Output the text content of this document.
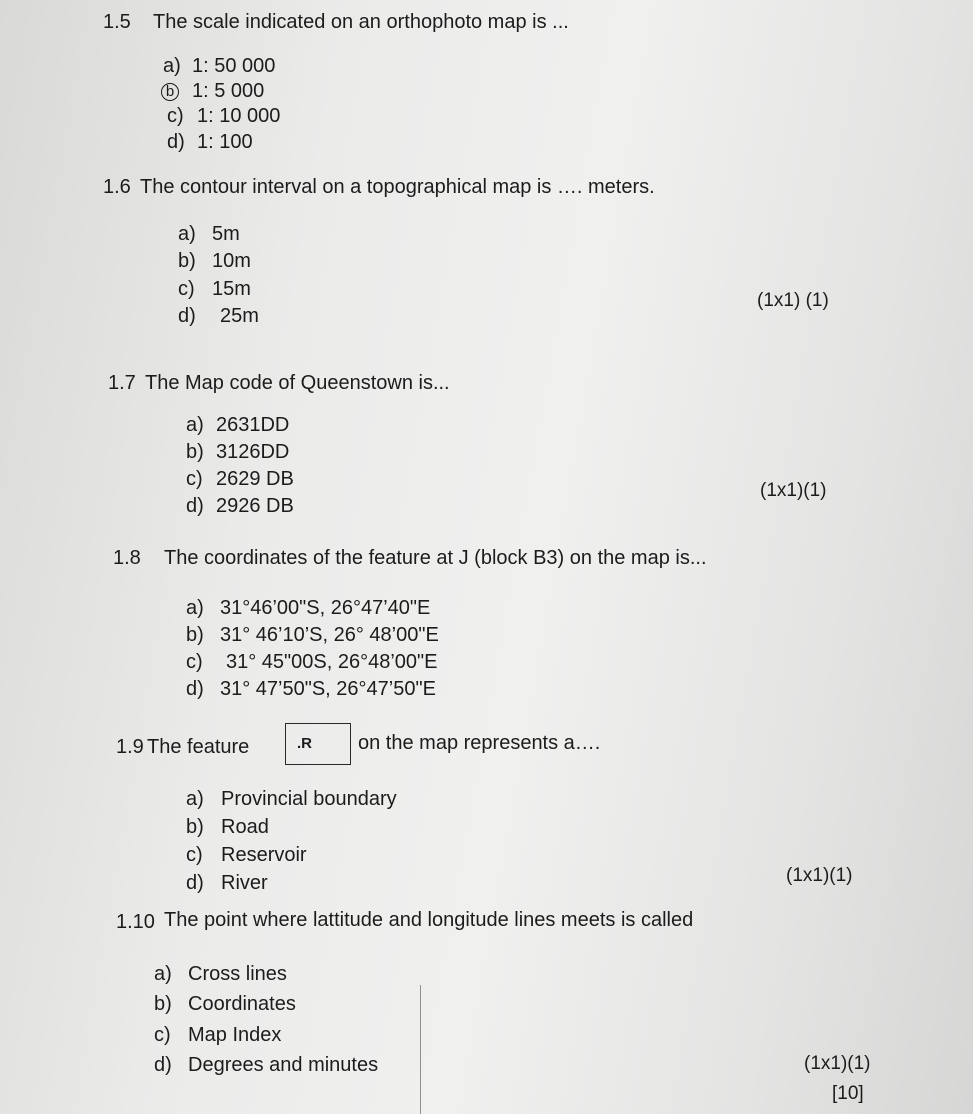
1.5 The scale indicated on an orthophoto map is ...
a) 1: 50 000
b 1: 5 000
c) 1: 10 000
d) 1: 100
1.6 The contour interval on a topographical map is …. meters.
a) 5m
b) 10m
c) 15m
d) 25m
(1x1) (1)
1.7 The Map code of Queenstown is...
a) 2631DD
b) 3126DD
c) 2629 DB
d) 2926 DB
(1x1)(1)
1.8 The coordinates of the feature at J (block B3) on the map is...
a) 31°46’00"S, 26°47’40"E
b) 31° 46’10’S, 26° 48’00"E
c) 31° 45"00S, 26°48’00"E
d) 31° 47’50"S, 26°47’50"E
1.9 The feature	.R on the map represents a….
a) Provincial boundary
b) Road
c) Reservoir
d) River	(1x1)(1)
1.10 The point where lattitude and longitude lines meets is called
a) Cross lines
b) Coordinates
c) Map Index
d) Degrees and minutes	(1x1)(1)
[10]
